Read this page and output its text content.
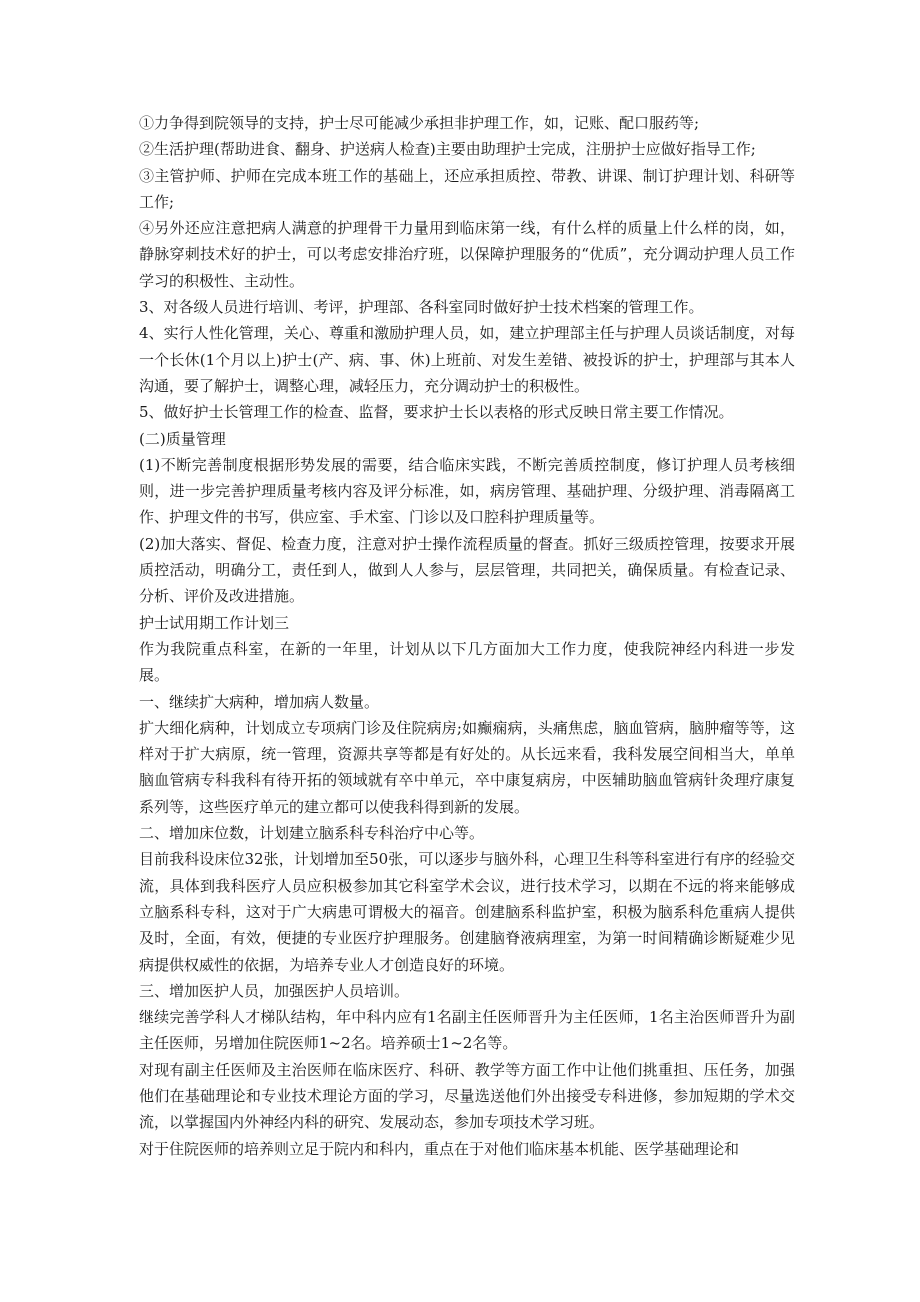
①力争得到院领导的支持，护士尽可能减少承担非护理工作，如，记账、配口服药等;

②生活护理(帮助进食、翻身、护送病人检查)主要由助理护士完成，注册护士应做好指导工作;

③主管护师、护师在完成本班工作的基础上，还应承担质控、带教、讲课、制订护理计划、科研等工作;

④另外还应注意把病人满意的护理骨干力量用到临床第一线，有什么样的质量上什么样的岗，如，静脉穿刺技术好的护士，可以考虑安排治疗班，以保障护理服务的“优质”，充分调动护理人员工作学习的积极性、主动性。

3、对各级人员进行培训、考评，护理部、各科室同时做好护士技术档案的管理工作。

4、实行人性化管理，关心、尊重和激励护理人员，如，建立护理部主任与护理人员谈话制度，对每一个长休(1个月以上)护士(产、病、事、休)上班前、对发生差错、被投诉的护士，护理部与其本人沟通，要了解护士，调整心理，减轻压力，充分调动护士的积极性。

5、做好护士长管理工作的检查、监督，要求护士长以表格的形式反映日常主要工作情况。

(二)质量管理

(1)不断完善制度根据形势发展的需要，结合临床实践，不断完善质控制度，修订护理人员考核细则，进一步完善护理质量考核内容及评分标准，如，病房管理、基础护理、分级护理、消毒隔离工作、护理文件的书写，供应室、手术室、门诊以及口腔科护理质量等。

(2)加大落实、督促、检查力度，注意对护士操作流程质量的督查。抓好三级质控管理，按要求开展质控活动，明确分工，责任到人，做到人人参与，层层管理，共同把关，确保质量。有检查记录、分析、评价及改进措施。

护士试用期工作计划三

作为我院重点科室，在新的一年里，计划从以下几方面加大工作力度，使我院神经内科进一步发展。

一、继续扩大病种，增加病人数量。

扩大细化病种，计划成立专项病门诊及住院病房;如癫痫病，头痛焦虑，脑血管病，脑肿瘤等等，这样对于扩大病原，统一管理，资源共享等都是有好处的。从长远来看，我科发展空间相当大，单单脑血管病专科我科有待开拓的领域就有卒中单元，卒中康复病房，中医辅助脑血管病针灸理疗康复系列等，这些医疗单元的建立都可以使我科得到新的发展。

二、增加床位数，计划建立脑系科专科治疗中心等。

目前我科设床位32张，计划增加至50张，可以逐步与脑外科，心理卫生科等科室进行有序的经验交流，具体到我科医疗人员应积极参加其它科室学术会议，进行技术学习，以期在不远的将来能够成立脑系科专科，这对于广大病患可谓极大的福音。创建脑系科监护室，积极为脑系科危重病人提供及时，全面，有效，便捷的专业医疗护理服务。创建脑脊液病理室，为第一时间精确诊断疑难少见病提供权威性的依据，为培养专业人才创造良好的环境。

三、增加医护人员，加强医护人员培训。

继续完善学科人才梯队结构，年中科内应有1名副主任医师晋升为主任医师，1名主治医师晋升为副主任医师，另增加住院医师1~2名。培养硕士1~2名等。

对现有副主任医师及主治医师在临床医疗、科研、教学等方面工作中让他们挑重担、压任务，加强他们在基础理论和专业技术理论方面的学习，尽量选送他们外出接受专科进修，参加短期的学术交流，以掌握国内外神经内科的研究、发展动态，参加专项技术学习班。

对于住院医师的培养则立足于院内和科内，重点在于对他们临床基本机能、医学基础理论和
